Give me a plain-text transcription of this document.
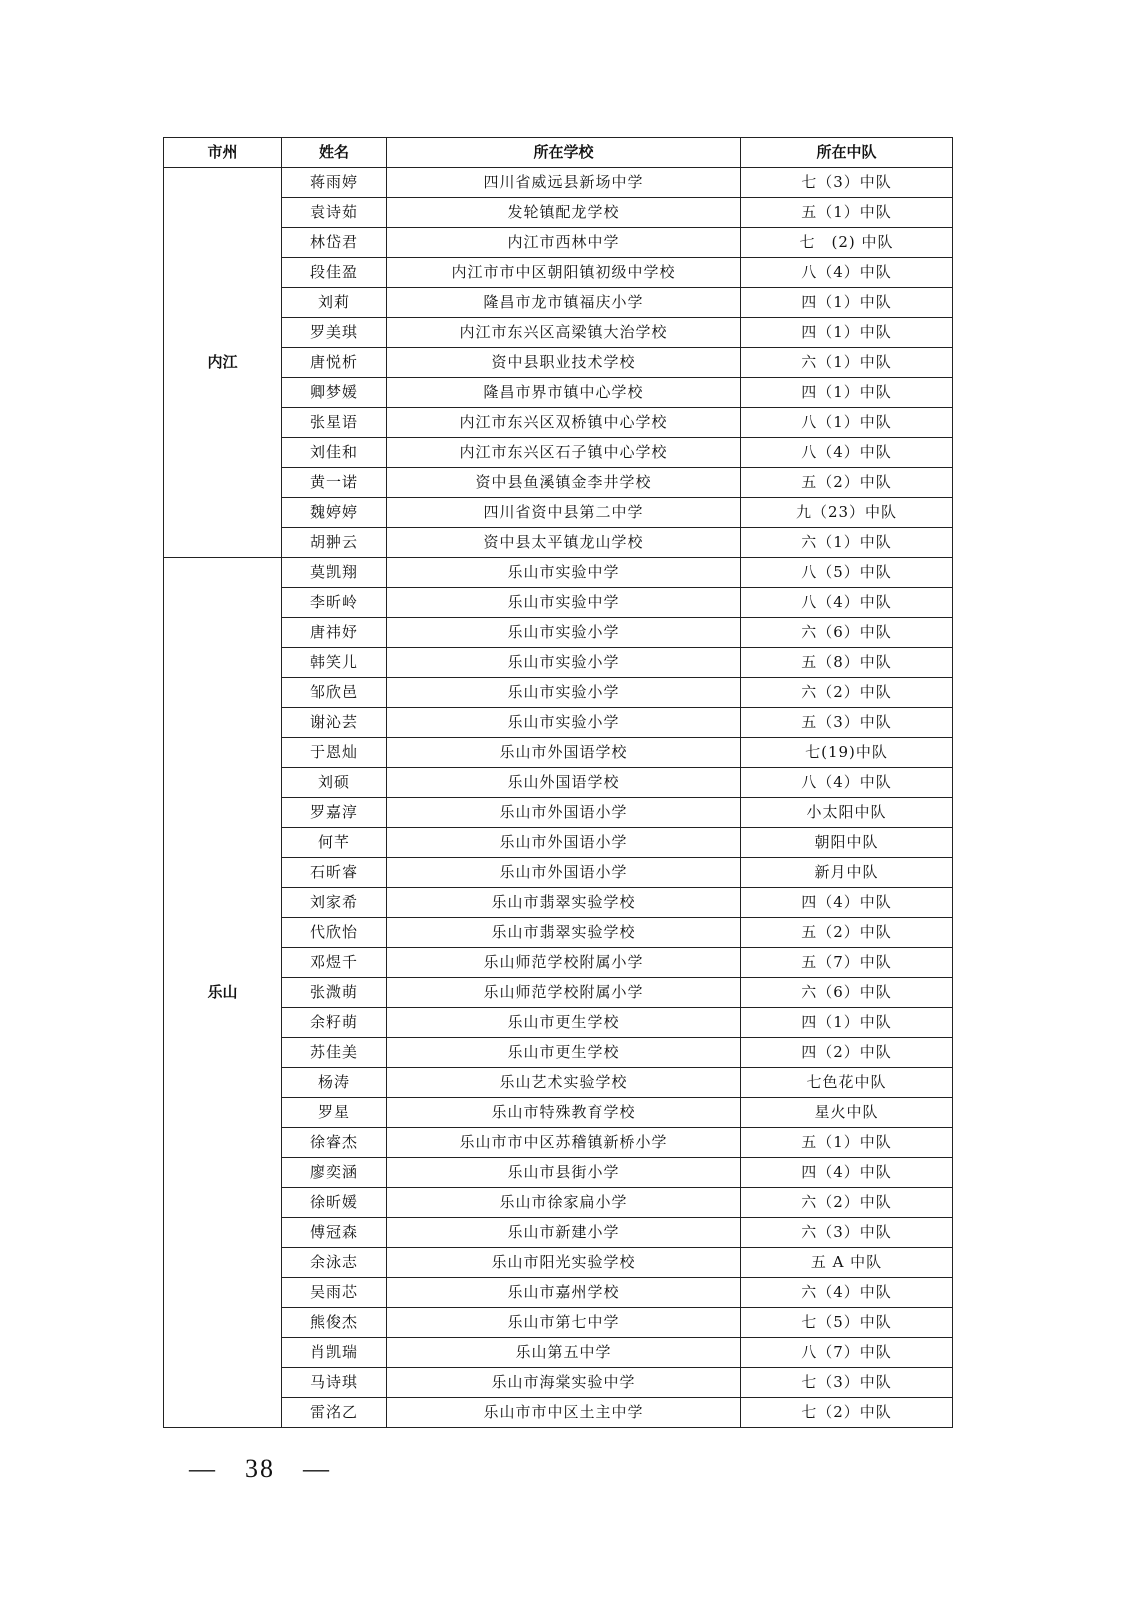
市州	姓名	所在学校	所在中队
内江	蒋雨婷	四川省威远县新场中学	七（3）中队
	袁诗茹	发轮镇配龙学校	五（1）中队
	林岱君	内江市西林中学	七　(2) 中队
	段佳盈	内江市市中区朝阳镇初级中学校	八（4）中队
	刘莉	隆昌市龙市镇福庆小学	四（1）中队
	罗美琪	内江市东兴区高梁镇大治学校	四（1）中队
	唐悦析	资中县职业技术学校	六（1）中队
	卿梦媛	隆昌市界市镇中心学校	四（1）中队
	张星语	内江市东兴区双桥镇中心学校	八（1）中队
	刘佳和	内江市东兴区石子镇中心学校	八（4）中队
	黄一诺	资中县鱼溪镇金李井学校	五（2）中队
	魏婷婷	四川省资中县第二中学	九（23）中队
	胡翀云	资中县太平镇龙山学校	六（1）中队
乐山	莫凯翔	乐山市实验中学	八（5）中队
	李昕岭	乐山市实验中学	八（4）中队
	唐祎妤	乐山市实验小学	六（6）中队
	韩笑儿	乐山市实验小学	五（8）中队
	邹欣邑	乐山市实验小学	六（2）中队
	谢沁芸	乐山市实验小学	五（3）中队
	于恩灿	乐山市外国语学校	七(19)中队
	刘硕	乐山外国语学校	八（4）中队
	罗嘉淳	乐山市外国语小学	小太阳中队
	何芊	乐山市外国语小学	朝阳中队
	石昕睿	乐山市外国语小学	新月中队
	刘家希	乐山市翡翠实验学校	四（4）中队
	代欣怡	乐山市翡翠实验学校	五（2）中队
	邓煜千	乐山师范学校附属小学	五（7）中队
	张溦萌	乐山师范学校附属小学	六（6）中队
	余籽萌	乐山市更生学校	四（1）中队
	苏佳美	乐山市更生学校	四（2）中队
	杨涛	乐山艺术实验学校	七色花中队
	罗星	乐山市特殊教育学校	星火中队
	徐睿杰	乐山市市中区苏稽镇新桥小学	五（1）中队
	廖奕涵	乐山市县街小学	四（4）中队
	徐昕媛	乐山市徐家扁小学	六（2）中队
	傅冠森	乐山市新建小学	六（3）中队
	余泳志	乐山市阳光实验学校	五 A 中队
	吴雨芯	乐山市嘉州学校	六（4）中队
	熊俊杰	乐山市第七中学	七（5）中队
	肖凯瑞	乐山第五中学	八（7）中队
	马诗琪	乐山市海棠实验中学	七（3）中队
	雷洺乙	乐山市市中区土主中学	七（2）中队
—　38　—
